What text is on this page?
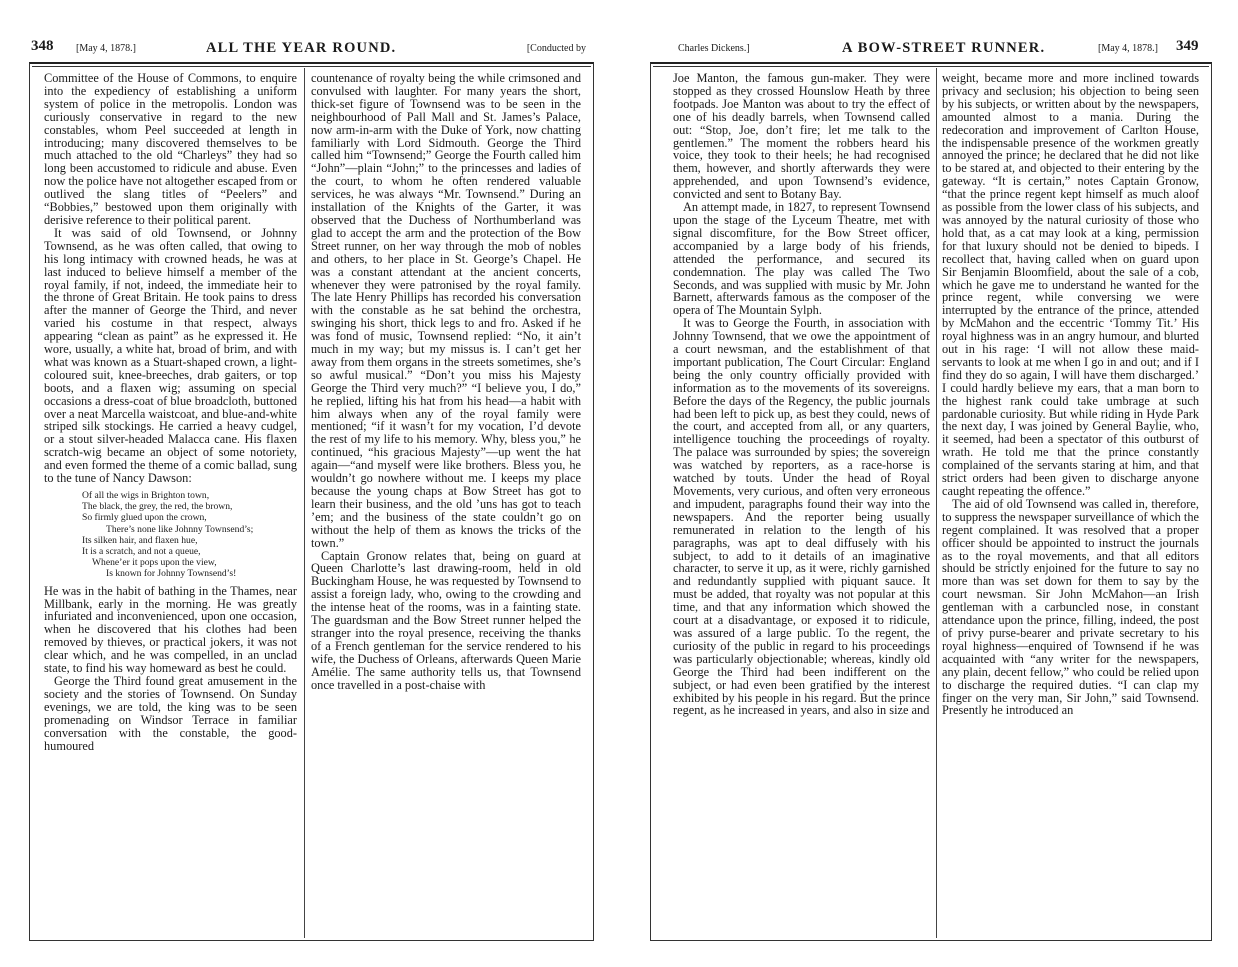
348 [May 4, 1878.]	ALL THE YEAR ROUND.	[Conducted by

Committee of the House of Commons, to enquire into the expediency of establishing a uniform system of police in the metropolis. London was curiously conservative in regard to the new constables, whom Peel succeeded at length in introducing; many discovered themselves to be much attached to the old “Charleys” they had so long been accustomed to ridicule and abuse. Even now the police have not altogether escaped from or outlived the slang titles of “Peelers” and “Bobbies,” bestowed upon them originally with derisive reference to their political parent.

It was said of old Townsend, or Johnny Townsend, as he was often called, that owing to his long intimacy with crowned heads, he was at last induced to believe himself a member of the royal family, if not, indeed, the immediate heir to the throne of Great Britain. He took pains to dress after the manner of George the Third, and never varied his costume in that respect, always appearing “clean as paint” as he expressed it. He wore, usually, a white hat, broad of brim, and with what was known as a Stuart-shaped crown, a light-coloured suit, knee-breeches, drab gaiters, or top boots, and a flaxen wig; assuming on special occasions a dress-coat of blue broadcloth, buttoned over a neat Marcella waistcoat, and blue-and-white striped silk stockings. He carried a heavy cudgel, or a stout silver-headed Malacca cane. His flaxen scratch-wig became an object of some notoriety, and even formed the theme of a comic ballad, sung to the tune of Nancy Dawson:

Of all the wigs in Brighton town,
The black, the grey, the red, the brown,
So firmly glued upon the crown,
There’s none like Johnny Townsend’s;
Its silken hair, and flaxen hue,
It is a scratch, and not a queue,
Whene’er it pops upon the view,
Is known for Johnny Townsend’s!

He was in the habit of bathing in the Thames, near Millbank, early in the morning. He was greatly infuriated and inconvenienced, upon one occasion, when he discovered that his clothes had been removed by thieves, or practical jokers, it was not clear which, and he was compelled, in an unclad state, to find his way homeward as best he could.

George the Third found great amusement in the society and the stories of Townsend. On Sunday evenings, we are told, the king was to be seen promenading on Windsor Terrace in familiar conversation with the constable, the good-humoured

countenance of royalty being the while crimsoned and convulsed with laughter. For many years the short, thick-set figure of Townsend was to be seen in the neighbourhood of Pall Mall and St. James’s Palace, now arm-in-arm with the Duke of York, now chatting familiarly with Lord Sidmouth. George the Third called him “Townsend;” George the Fourth called him “John”—plain “John;” to the princesses and ladies of the court, to whom he often rendered valuable services, he was always “Mr. Townsend.” During an installation of the Knights of the Garter, it was observed that the Duchess of Northumberland was glad to accept the arm and the protection of the Bow Street runner, on her way through the mob of nobles and others, to her place in St. George’s Chapel. He was a constant attendant at the ancient concerts, whenever they were patronised by the royal family. The late Henry Phillips has recorded his conversation with the constable as he sat behind the orchestra, swinging his short, thick legs to and fro. Asked if he was fond of music, Townsend replied: “No, it ain’t much in my way; but my missus is. I can’t get her away from them organs in the streets sometimes, she’s so awful musical.” “Don’t you miss his Majesty George the Third very much?” “I believe you, I do,” he replied, lifting his hat from his head—a habit with him always when any of the royal family were mentioned; “if it wasn’t for my vocation, I’d devote the rest of my life to his memory. Why, bless you,” he continued, “his gracious Majesty”—up went the hat again—“and myself were like brothers. Bless you, he wouldn’t go nowhere without me. I keeps my place because the young chaps at Bow Street has got to learn their business, and the old ’uns has got to teach ’em; and the business of the state couldn’t go on without the help of them as knows the tricks of the town.”

Captain Gronow relates that, being on guard at Queen Charlotte’s last drawing-room, held in old Buckingham House, he was requested by Townsend to assist a foreign lady, who, owing to the crowding and the intense heat of the rooms, was in a fainting state. The guardsman and the Bow Street runner helped the stranger into the royal presence, receiving the thanks of a French gentleman for the service rendered to his wife, the Duchess of Orleans, afterwards Queen Marie Amélie. The same authority tells us, that Townsend once travelled in a post-chaise with

Charles Dickens.]	A BOW-STREET RUNNER.	[May 4, 1878.] 349

Joe Manton, the famous gun-maker. They were stopped as they crossed Hounslow Heath by three footpads. Joe Manton was about to try the effect of one of his deadly barrels, when Townsend called out: “Stop, Joe, don’t fire; let me talk to the gentlemen.” The moment the robbers heard his voice, they took to their heels; he had recognised them, however, and shortly afterwards they were apprehended, and upon Townsend’s evidence, convicted and sent to Botany Bay.

An attempt made, in 1827, to represent Townsend upon the stage of the Lyceum Theatre, met with signal discomfiture, for the Bow Street officer, accompanied by a large body of his friends, attended the performance, and secured its condemnation. The play was called The Two Seconds, and was supplied with music by Mr. John Barnett, afterwards famous as the composer of the opera of The Mountain Sylph.

It was to George the Fourth, in association with Johnny Townsend, that we owe the appointment of a court newsman, and the establishment of that important publication, The Court Circular: England being the only country officially provided with information as to the movements of its sovereigns. Before the days of the Regency, the public journals had been left to pick up, as best they could, news of the court, and accepted from all, or any quarters, intelligence touching the proceedings of royalty. The palace was surrounded by spies; the sovereign was watched by reporters, as a race-horse is watched by touts. Under the head of Royal Movements, very curious, and often very erroneous and impudent, paragraphs found their way into the newspapers. And the reporter being usually remunerated in relation to the length of his paragraphs, was apt to deal diffusely with his subject, to add to it details of an imaginative character, to serve it up, as it were, richly garnished and redundantly supplied with piquant sauce. It must be added, that royalty was not popular at this time, and that any information which showed the court at a disadvantage, or exposed it to ridicule, was assured of a large public. To the regent, the curiosity of the public in regard to his proceedings was particularly objectionable; whereas, kindly old George the Third had been indifferent on the subject, or had even been gratified by the interest exhibited by his people in his regard. But the prince regent, as he increased in years, and also in size and

weight, became more and more inclined towards privacy and seclusion; his objection to being seen by his subjects, or written about by the newspapers, amounted almost to a mania. During the redecoration and improvement of Carlton House, the indispensable presence of the workmen greatly annoyed the prince; he declared that he did not like to be stared at, and objected to their entering by the gateway. “It is certain,” notes Captain Gronow, “that the prince regent kept himself as much aloof as possible from the lower class of his subjects, and was annoyed by the natural curiosity of those who hold that, as a cat may look at a king, permission for that luxury should not be denied to bipeds. I recollect that, having called when on guard upon Sir Benjamin Bloomfield, about the sale of a cob, which he gave me to understand he wanted for the prince regent, while conversing we were interrupted by the entrance of the prince, attended by McMahon and the eccentric ‘Tommy Tit.’ His royal highness was in an angry humour, and blurted out in his rage: ‘I will not allow these maid-servants to look at me when I go in and out; and if I find they do so again, I will have them discharged.’ I could hardly believe my ears, that a man born to the highest rank could take umbrage at such pardonable curiosity. But while riding in Hyde Park the next day, I was joined by General Baylie, who, it seemed, had been a spectator of this outburst of wrath. He told me that the prince constantly complained of the servants staring at him, and that strict orders had been given to discharge anyone caught repeating the offence.”

The aid of old Townsend was called in, therefore, to suppress the newspaper surveillance of which the regent complained. It was resolved that a proper officer should be appointed to instruct the journals as to the royal movements, and that all editors should be strictly enjoined for the future to say no more than was set down for them to say by the court newsman. Sir John McMahon—an Irish gentleman with a carbuncled nose, in constant attendance upon the prince, filling, indeed, the post of privy purse-bearer and private secretary to his royal highness—enquired of Townsend if he was acquainted with “any writer for the newspapers, any plain, decent fellow,” who could be relied upon to discharge the required duties. “I can clap my finger on the very man, Sir John,” said Townsend. Presently he introduced an
